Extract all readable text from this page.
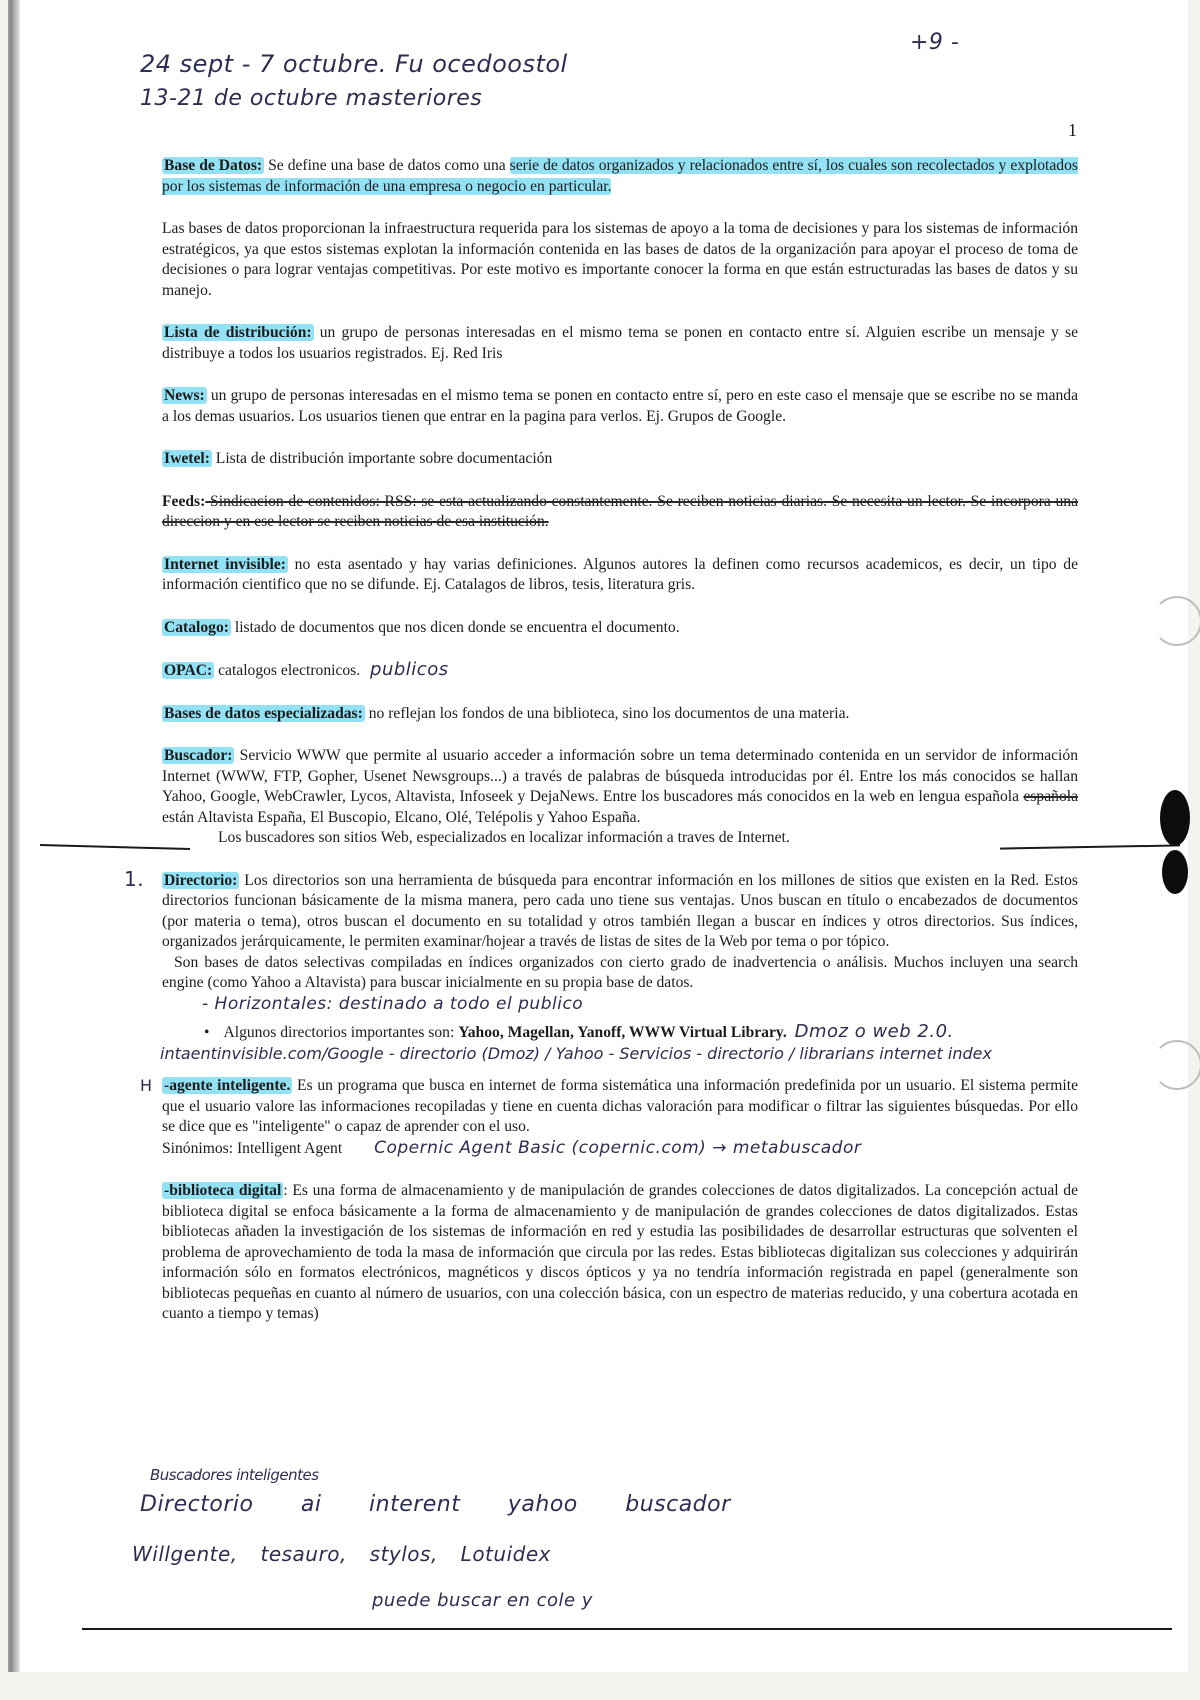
24 sept - 7 octubre. Fu ocedoostol
13-21 de octubre masteriores
+9 -
1

Base de Datos: Se define una base de datos como una serie de datos organizados y relacionados entre sí, los cuales son recolectados y explotados por los sistemas de información de una empresa o negocio en particular.

Las bases de datos proporcionan la infraestructura requerida para los sistemas de apoyo a la toma de decisiones y para los sistemas de información estratégicos, ya que estos sistemas explotan la información contenida en las bases de datos de la organización para apoyar el proceso de toma de decisiones o para lograr ventajas competitivas. Por este motivo es importante conocer la forma en que están estructuradas las bases de datos y su manejo.

Lista de distribución: un grupo de personas interesadas en el mismo tema se ponen en contacto entre sí. Alguien escribe un mensaje y se distribuye a todos los usuarios registrados. Ej. Red Iris

News: un grupo de personas interesadas en el mismo tema se ponen en contacto entre sí, pero en este caso el mensaje que se escribe no se manda a los demas usuarios. Los usuarios tienen que entrar en la pagina para verlos. Ej. Grupos de Google.

Iwetel: Lista de distribución importante sobre documentación

Feeds: Sindicacion de contenidos: RSS: se esta actualizando constantemente. Se reciben noticias diarias. Se necesita un lector. Se incorpora una direccion y en ese lector se reciben noticias de esa institución.

Internet invisible: no esta asentado y hay varias definiciones. Algunos autores la definen como recursos academicos, es decir, un tipo de información cientifico que no se difunde. Ej. Catalagos de libros, tesis, literatura gris.

Catalogo: listado de documentos que nos dicen donde se encuentra el documento.

OPAC: catalogos electronicos. publicos

Bases de datos especializadas: no reflejan los fondos de una biblioteca, sino los documentos de una materia.

Buscador: Servicio WWW que permite al usuario acceder a información sobre un tema determinado contenida en un servidor de información Internet (WWW, FTP, Gopher, Usenet Newsgroups...) a través de palabras de búsqueda introducidas por él. Entre los más conocidos se hallan Yahoo, Google, WebCrawler, Lycos, Altavista, Infoseek y DejaNews. Entre los buscadores más conocidos en la web en lengua española española están Altavista España, El Buscopio, Elcano, Olé, Telépolis y Yahoo España.
Los buscadores son sitios Web, especializados en localizar información a traves de Internet.

1. Directorio: Los directorios son una herramienta de búsqueda para encontrar información en los millones de sitios que existen en la Red. Estos directorios funcionan básicamente de la misma manera, pero cada uno tiene sus ventajas. Unos buscan en título o encabezados de documentos (por materia o tema), otros buscan el documento en su totalidad y otros también llegan a buscar en índices y otros directorios. Sus índices, organizados jerárquicamente, le permiten examinar/hojear a través de listas de sites de la Web por tema o por tópico.
Son bases de datos selectivas compiladas en índices organizados con cierto grado de inadvertencia o análisis. Muchos incluyen una search engine (como Yahoo a Altavista) para buscar inicialmente en su propia base de datos.
- Horizontales: destinado a todo el publico
• Algunos directorios importantes son: Yahoo, Magellan, Yanoff, WWW Virtual Library. Dmoz o web 2.0.
intaentinvisible.com/Google - directorio (Dmoz) / Yahoo - Servicios - directorio / librarians internet index

H -agente inteligente. Es un programa que busca en internet de forma sistemática una información predefinida por un usuario. El sistema permite que el usuario valore las informaciones recopiladas y tiene en cuenta dichas valoración para modificar o filtrar las siguientes búsquedas. Por ello se dice que es "inteligente" o capaz de aprender con el uso.
Sinónimos: Intelligent Agent Copernic Agent Basic (copernic.com) → metabuscador

-biblioteca digital : Es una forma de almacenamiento y de manipulación de grandes colecciones de datos digitalizados. La concepción actual de biblioteca digital se enfoca básicamente a la forma de almacenamiento y de manipulación de grandes colecciones de datos digitalizados. Estas bibliotecas añaden la investigación de los sistemas de información en red y estudia las posibilidades de desarrollar estructuras que solventen el problema de aprovechamiento de toda la masa de información que circula por las redes. Estas bibliotecas digitalizan sus colecciones y adquirirán información sólo en formatos electrónicos, magnéticos y discos ópticos y ya no tendría información registrada en papel (generalmente son bibliotecas pequeñas en cuanto al número de usuarios, con una colección básica, con un espectro de materias reducido, y una cobertura acotada en cuanto a tiempo y temas)

Buscadores inteligentes
Directorio ai interent yahoo buscador
Willgente, tesauro, stylos, Lotuidex
puede buscar en cole y
